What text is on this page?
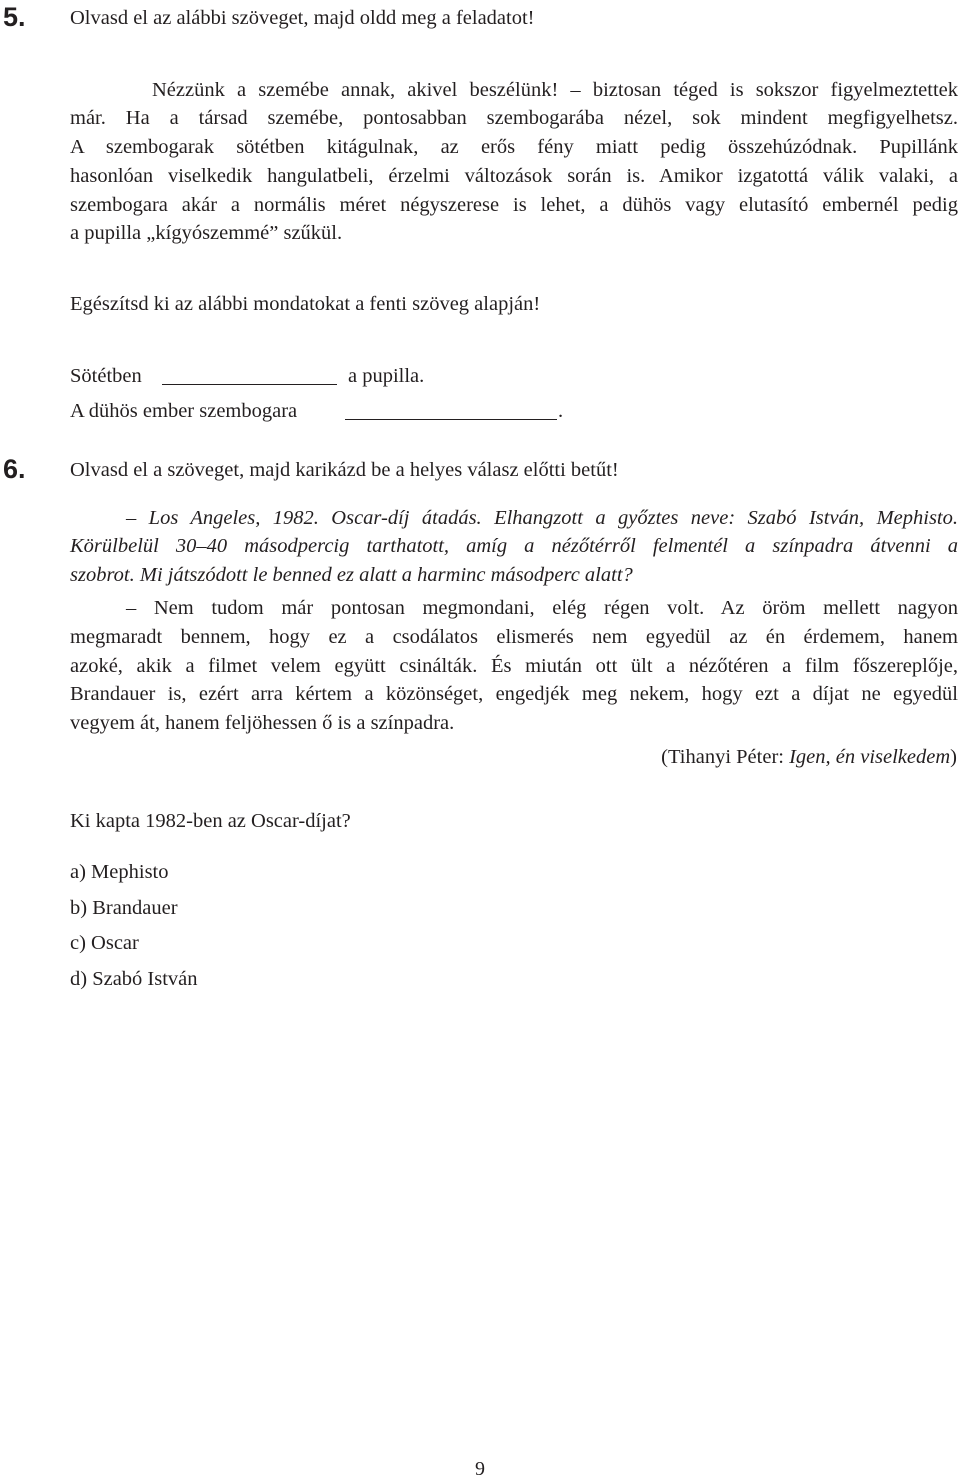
5. Olvasd el az alábbi szöveget, majd oldd meg a feladatot!
Nézzünk a szemébe annak, akivel beszélünk! – biztosan téged is sokszor figyelmeztettek
már. Ha a társad szemébe, pontosabban szembogarába nézel, sok mindent megfigyelhetsz.
A szembogarak sötétben kitágulnak, az erős fény miatt pedig összehúzódnak. Pupillánk
hasonlóan viselkedik hangulatbeli, érzelmi változások során is. Amikor izgatottá válik valaki, a
szembogara akár a normális méret négyszerese is lehet, a dühös vagy elutasító embernél pedig
a pupilla „kígyószemmé” szűkül.
Egészítsd ki az alábbi mondatokat a fenti szöveg alapján!
Sötétben	a pupilla.
A dühös ember szembogara	.
6. Olvasd el a szöveget, majd karikázd be a helyes válasz előtti betűt!
– Los Angeles, 1982. Oscar-díj átadás. Elhangzott a győztes neve: Szabó István, Mephisto.
Körülbelül 30–40 másodpercig tarthatott, amíg a nézőtérről felmentél a színpadra átvenni a
szobrot. Mi játszódott le benned ez alatt a harminc másodperc alatt?
– Nem tudom már pontosan megmondani, elég régen volt. Az öröm mellett nagyon
megmaradt bennem, hogy ez a csodálatos elismerés nem egyedül az én érdemem, hanem
azoké, akik a filmet velem együtt csinálták. És miután ott ült a nézőtéren a film főszereplője,
Brandauer is, ezért arra kértem a közönséget, engedjék meg nekem, hogy ezt a díjat ne egyedül
vegyem át, hanem feljöhessen ő is a színpadra.
(Tihanyi Péter: Igen, én viselkedem)
Ki kapta 1982-ben az Oscar-díjat?
a) Mephisto
b) Brandauer
c) Oscar
d) Szabó István
9
